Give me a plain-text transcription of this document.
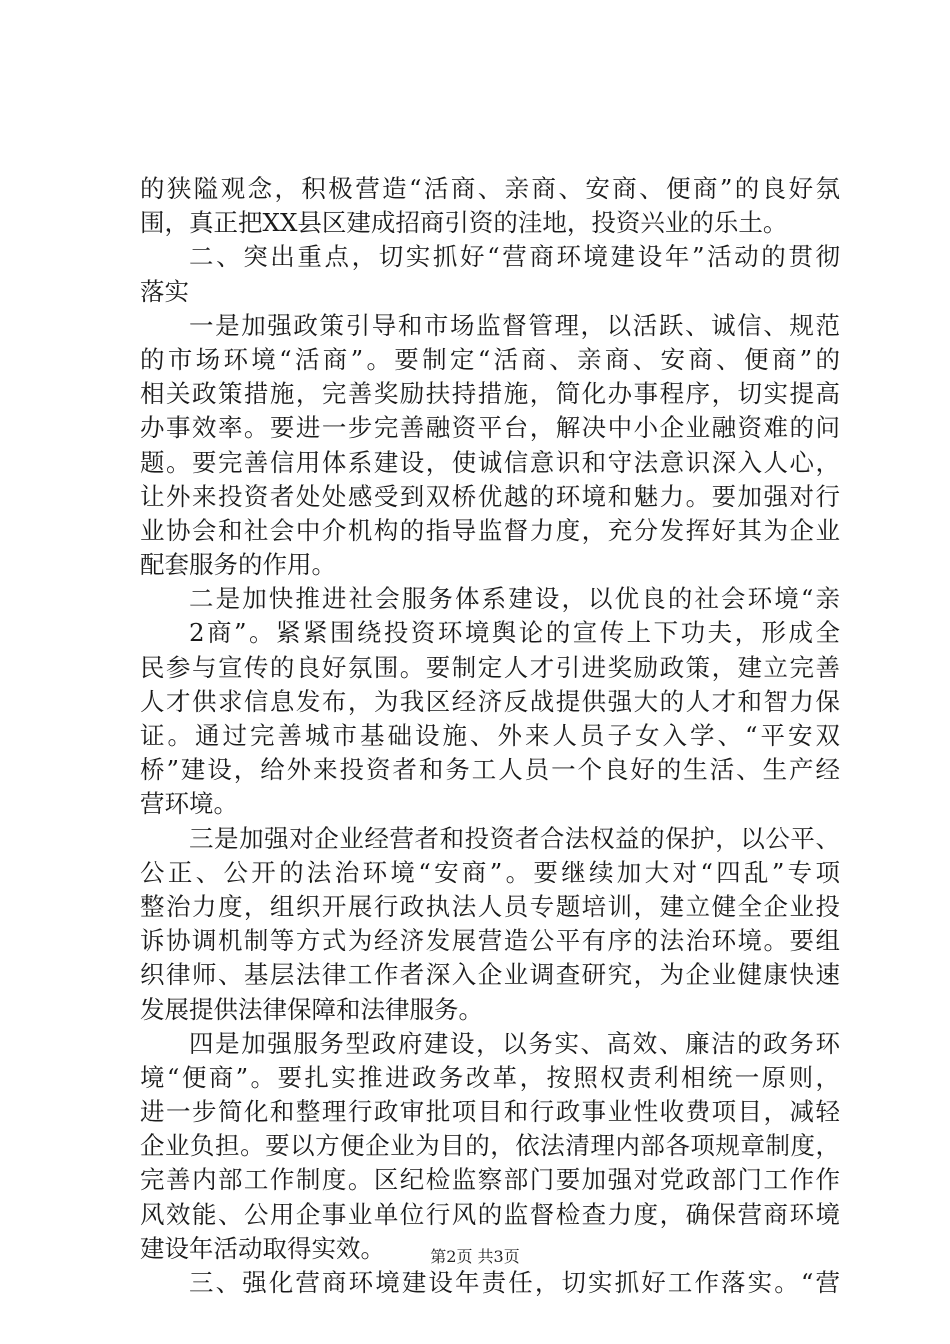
的狭隘观念，积极营造“活商、亲商、安商、便商”的良好氛
围，真正把XX县区建成招商引资的洼地，投资兴业的乐土。
二、突出重点，切实抓好“营商环境建设年”活动的贯彻
落实
一是加强政策引导和市场监督管理，以活跃、诚信、规范
的市场环境“活商”。要制定“活商、亲商、安商、便商”的
相关政策措施，完善奖励扶持措施，简化办事程序，切实提高
办事效率。要进一步完善融资平台，解决中小企业融资难的问
题。要完善信用体系建设，使诚信意识和守法意识深入人心，
让外来投资者处处感受到双桥优越的环境和魅力。要加强对行
业协会和社会中介机构的指导监督力度，充分发挥好其为企业
配套服务的作用。
二是加快推进社会服务体系建设，以优良的社会环境“亲
2商”。紧紧围绕投资环境舆论的宣传上下功夫，形成全
民参与宣传的良好氛围。要制定人才引进奖励政策，建立完善
人才供求信息发布，为我区经济反战提供强大的人才和智力保
证。通过完善城市基础设施、外来人员子女入学、“平安双
桥”建设，给外来投资者和务工人员一个良好的生活、生产经
营环境。
三是加强对企业经营者和投资者合法权益的保护，以公平、
公正、公开的法治环境“安商”。要继续加大对“四乱”专项
整治力度，组织开展行政执法人员专题培训，建立健全企业投
诉协调机制等方式为经济发展营造公平有序的法治环境。要组
织律师、基层法律工作者深入企业调查研究，为企业健康快速
发展提供法律保障和法律服务。
四是加强服务型政府建设，以务实、高效、廉洁的政务环
境“便商”。要扎实推进政务改革，按照权责利相统一原则，
进一步简化和整理行政审批项目和行政事业性收费项目，减轻
企业负担。要以方便企业为目的，依法清理内部各项规章制度，
完善内部工作制度。区纪检监察部门要加强对党政部门工作作
风效能、公用企事业单位行风的监督检查力度，确保营商环境
建设年活动取得实效。
三、强化营商环境建设年责任，切实抓好工作落实。“营
第2页 共3页
